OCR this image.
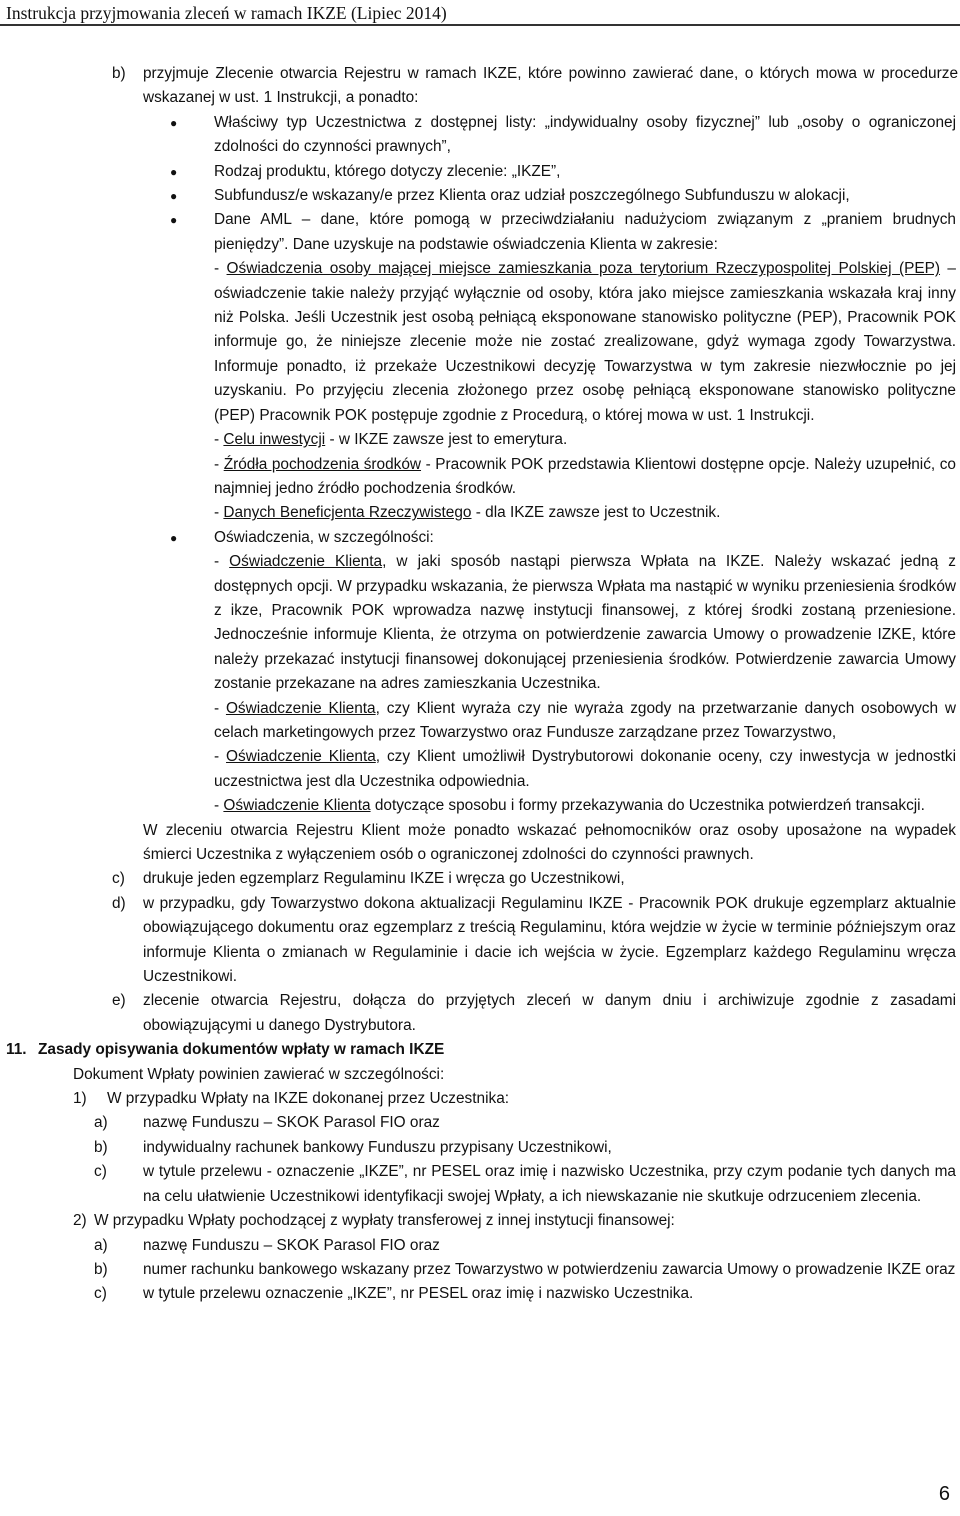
Instrukcja przyjmowania zleceń w ramach IKZE (Lipiec 2014)
b) przyjmuje Zlecenie otwarcia Rejestru w ramach IKZE, które powinno zawierać dane, o których mowa w procedurze wskazanej w ust. 1 Instrukcji, a ponadto:

● Właściwy typ Uczestnictwa z dostępnej listy: „indywidualny osoby fizycznej” lub „osoby o ograniczonej zdolności do czynności prawnych”,

● Rodzaj produktu, którego dotyczy zlecenie: „IKZE”,

● Subfundusz/e wskazany/e przez Klienta oraz udział poszczególnego Subfunduszu w alokacji,

● Dane AML – dane, które pomogą w przeciwdziałaniu nadużyciom związanym z „praniem brudnych pieniędzy”. Dane uzyskuje na podstawie oświadczenia Klienta w zakresie:

- Oświadczenia osoby mającej miejsce zamieszkania poza terytorium Rzeczypospolitej Polskiej (PEP) – oświadczenie takie należy przyjąć wyłącznie od osoby, która jako miejsce zamieszkania wskazała kraj inny niż Polska. Jeśli Uczestnik jest osobą pełniącą eksponowane stanowisko polityczne (PEP), Pracownik POK informuje go, że niniejsze zlecenie może nie zostać zrealizowane, gdyż wymaga zgody Towarzystwa. Informuje ponadto, iż przekaże Uczestnikowi decyzję Towarzystwa w tym zakresie niezwłocznie po jej uzyskaniu. Po przyjęciu zlecenia złożonego przez osobę pełniącą eksponowane stanowisko polityczne (PEP) Pracownik POK postępuje zgodnie z Procedurą, o której mowa w ust. 1 Instrukcji.

- Celu inwestycji - w IKZE zawsze jest to emerytura.

- Źródła pochodzenia środków - Pracownik POK przedstawia Klientowi dostępne opcje. Należy uzupełnić, co najmniej jedno źródło pochodzenia środków.

- Danych Beneficjenta Rzeczywistego - dla IKZE zawsze jest to Uczestnik.

● Oświadczenia, w szczególności:

- Oświadczenie Klienta, w jaki sposób nastąpi pierwsza Wpłata na IKZE. Należy wskazać jedną z dostępnych opcji. W przypadku wskazania, że pierwsza Wpłata ma nastąpić w wyniku przeniesienia środków z ikze, Pracownik POK wprowadza nazwę instytucji finansowej, z której środki zostaną przeniesione. Jednocześnie informuje Klienta, że otrzyma on potwierdzenie zawarcia Umowy o prowadzenie IZKE, które należy przekazać instytucji finansowej dokonującej przeniesienia środków. Potwierdzenie zawarcia Umowy zostanie przekazane na adres zamieszkania Uczestnika.

- Oświadczenie Klienta, czy Klient wyraża czy nie wyraża zgody na przetwarzanie danych osobowych w celach marketingowych przez Towarzystwo oraz Fundusze zarządzane przez Towarzystwo,

- Oświadczenie Klienta, czy Klient umożliwił Dystrybutorowi dokonanie oceny, czy inwestycja w jednostki uczestnictwa jest dla Uczestnika odpowiednia.

- Oświadczenie Klienta dotyczące sposobu i formy przekazywania do Uczestnika potwierdzeń transakcji.

W zleceniu otwarcia Rejestru Klient może ponadto wskazać pełnomocników oraz osoby uposażone na wypadek śmierci Uczestnika z wyłączeniem osób o ograniczonej zdolności do czynności prawnych.

c) drukuje jeden egzemplarz Regulaminu IKZE i wręcza go Uczestnikowi,

d) w przypadku, gdy Towarzystwo dokona aktualizacji Regulaminu IKZE - Pracownik POK drukuje egzemplarz aktualnie obowiązującego dokumentu oraz egzemplarz z treścią Regulaminu, która wejdzie w życie w terminie późniejszym oraz informuje Klienta o zmianach w Regulaminie i dacie ich wejścia w życie. Egzemplarz każdego Regulaminu wręcza Uczestnikowi.

e) zlecenie otwarcia Rejestru, dołącza do przyjętych zleceń w danym dniu i archiwizuje zgodnie z zasadami obowiązującymi u danego Dystrybutora.

11. Zasady opisywania dokumentów wpłaty w ramach IKZE

Dokument Wpłaty powinien zawierać w szczególności:

1) W przypadku Wpłaty na IKZE dokonanej przez Uczestnika:

a) nazwę Funduszu – SKOK Parasol FIO oraz

b) indywidualny rachunek bankowy Funduszu przypisany Uczestnikowi,

c) w tytule przelewu - oznaczenie „IKZE”, nr PESEL oraz imię i nazwisko Uczestnika, przy czym podanie tych danych ma na celu ułatwienie Uczestnikowi identyfikacji swojej Wpłaty, a ich niewskazanie nie skutkuje odrzuceniem zlecenia.

2) W przypadku Wpłaty pochodzącej z wypłaty transferowej z innej instytucji finansowej:

a) nazwę Funduszu – SKOK Parasol FIO oraz

b) numer rachunku bankowego wskazany przez Towarzystwo w potwierdzeniu zawarcia Umowy o prowadzenie IKZE oraz

c) w tytule przelewu oznaczenie „IKZE”, nr PESEL oraz imię i nazwisko Uczestnika.

6
